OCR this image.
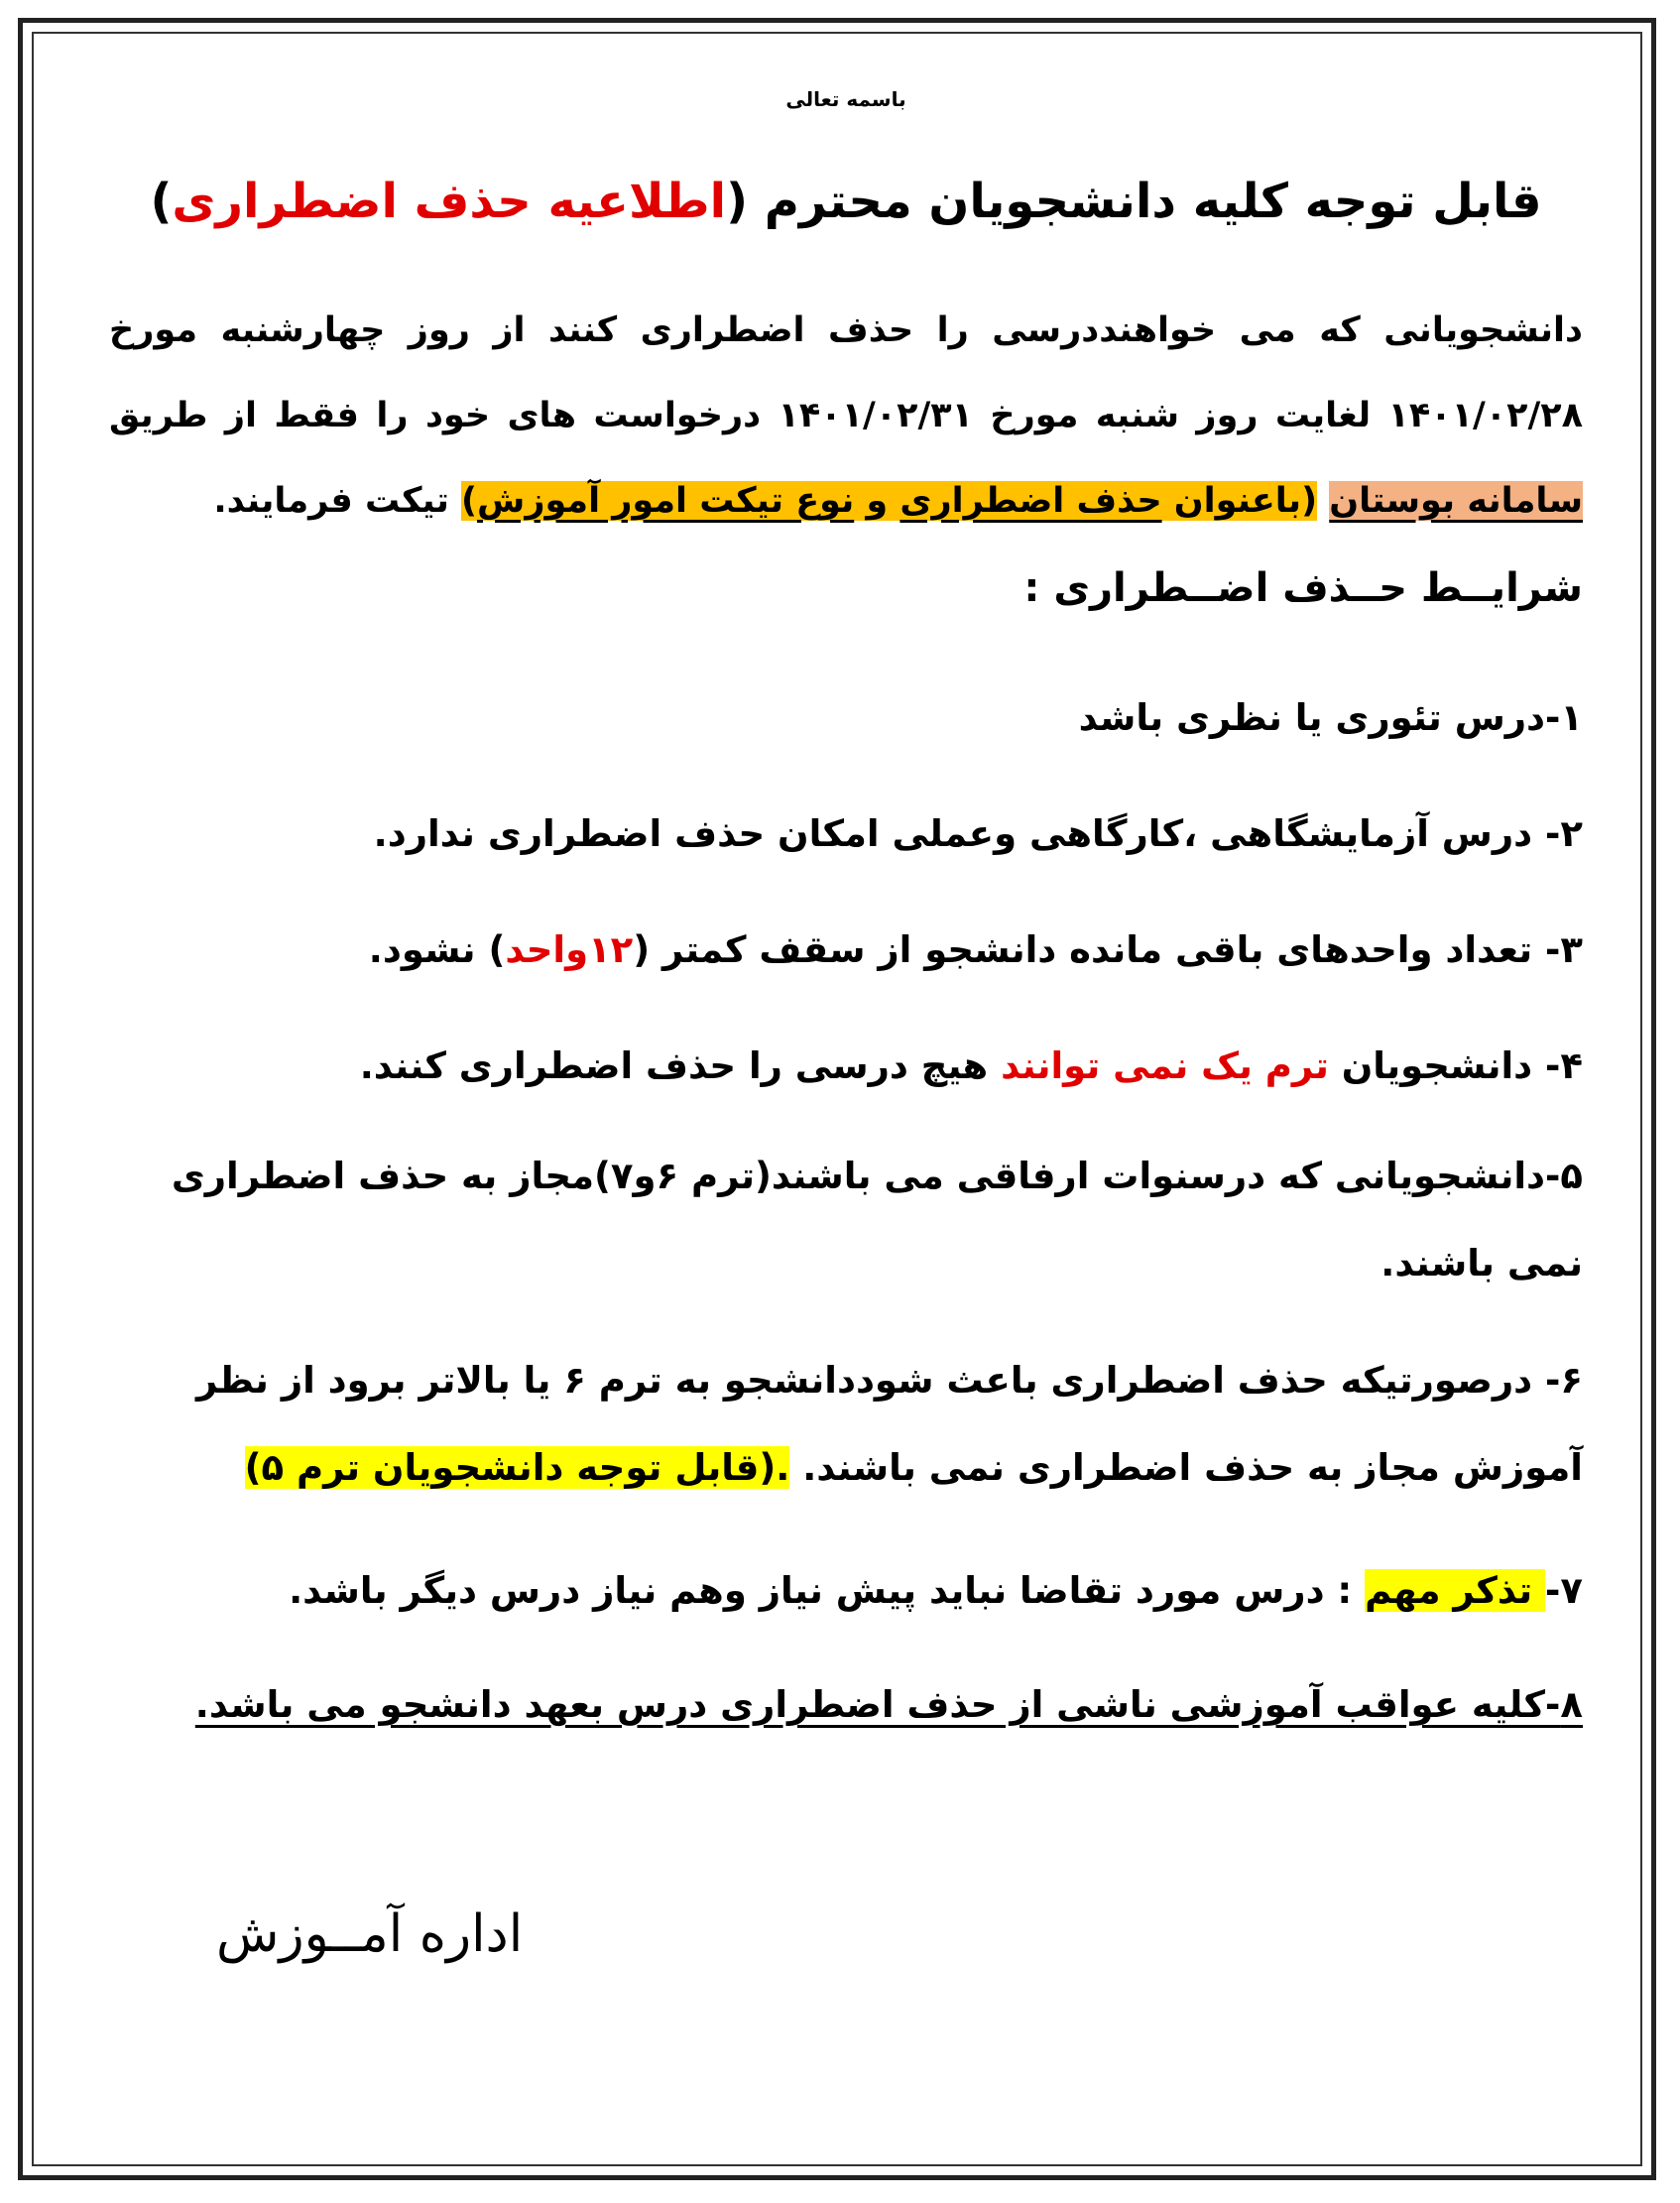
باسمه تعالی
قابل توجه کلیه دانشجویان محترم (اطلاعیه حذف اضطراری)
دانشجویانی که می خواهنددرسی را حذف اضطراری کنند از روز چهارشنبه مورخ ۱۴۰۱/۰۲/۲۸ لغایت روز شنبه مورخ ۱۴۰۱/۰۲/۳۱ درخواست های خود را فقط از طریق سامانه بوستان (باعنوان حذف اضطراری و نوع تیکت امور آموزش) تیکت فرمایند.
شرایــط حــذف اضــطراری :
۱-درس تئوری یا نظری باشد
۲- درس آزمایشگاهی ،کارگاهی وعملی امکان حذف اضطراری ندارد.
۳- تعداد واحدهای باقی مانده دانشجو از سقف کمتر (۱۲واحد) نشود.
۴- دانشجویان ترم یک نمی توانند هیچ درسی را حذف اضطراری کنند.
۵-دانشجویانی که درسنوات ارفاقی می باشند(ترم ۶و۷)مجاز به حذف اضطراری نمی باشند.
۶- درصورتیکه حذف اضطراری باعث شوددانشجو به ترم ۶ یا بالاتر برود از نظر آموزش مجاز به حذف اضطراری نمی باشند. .(قابل توجه دانشجویان ترم ۵)
۷- تذکر مهم : درس مورد تقاضا نباید پیش نیاز وهم نیاز درس دیگر باشد.
۸-کلیه عواقب آموزشی ناشی از حذف اضطراری درس بعهد دانشجو می باشد.
اداره آمــوزش
